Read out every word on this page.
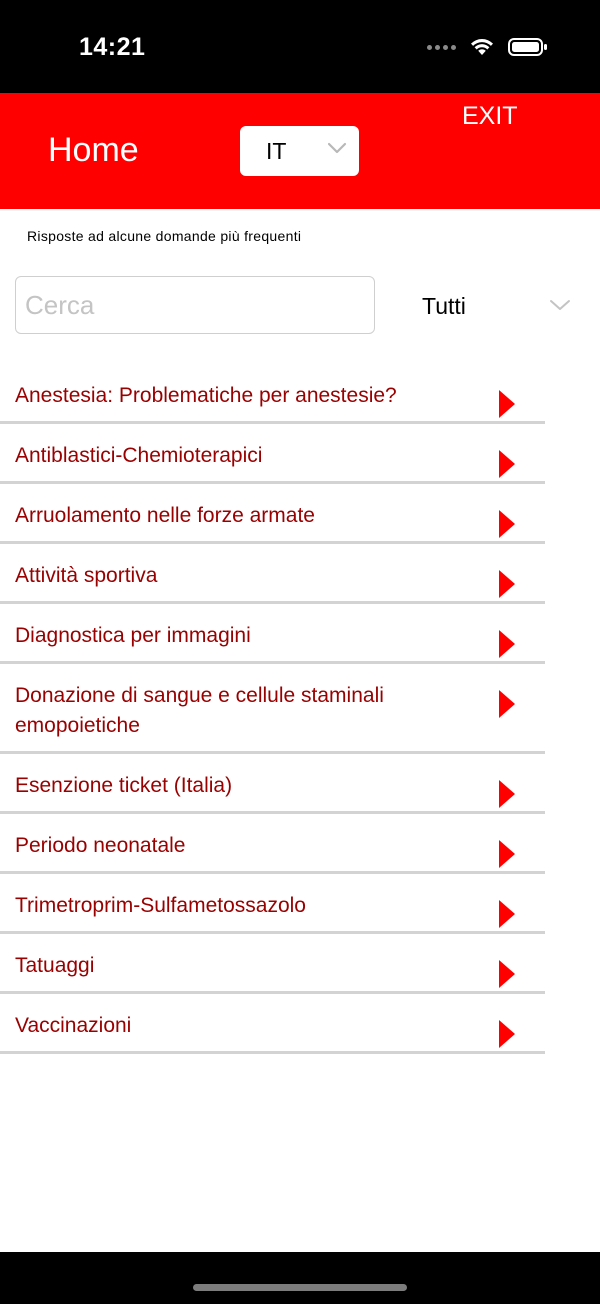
14:21
Home	IT
EXIT
Risposte ad alcune domande più frequenti
Cerca
Tutti
Anestesia: Problematiche per anestesie?
Antiblastici-Chemioterapici
Arruolamento nelle forze armate
Attività sportiva
Diagnostica per immagini
Donazione di sangue e cellule staminali emopoietiche
Esenzione ticket (Italia)
Periodo neonatale
Trimetroprim-Sulfametossazolo
Tatuaggi
Vaccinazioni
